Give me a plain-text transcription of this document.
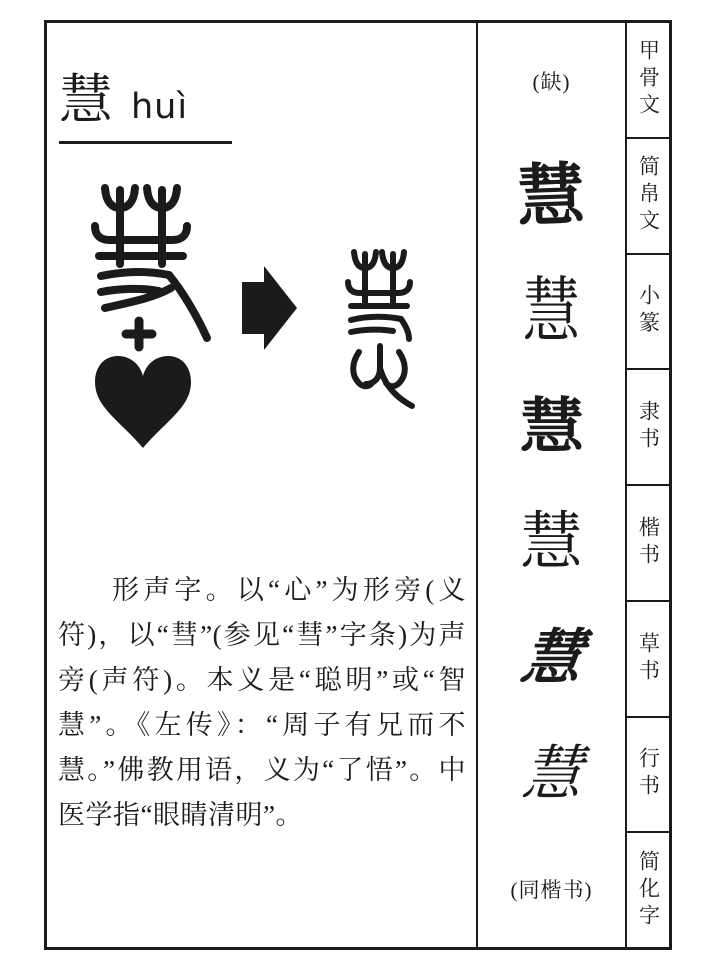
慧 huì

形声字。以“心”为形旁(义符)，以“彗”(参见“彗”字条)为声旁(声符)。本义是“聪明”或“智慧”。《左传》：“周子有兄而不慧。”佛教用语，义为“了悟”。中医学指“眼睛清明”。

(缺)
慧
慧
慧
慧
慧
慧
(同楷书)
甲骨文
简帛文
小篆
隶书
楷书
草书
行书
简化字
